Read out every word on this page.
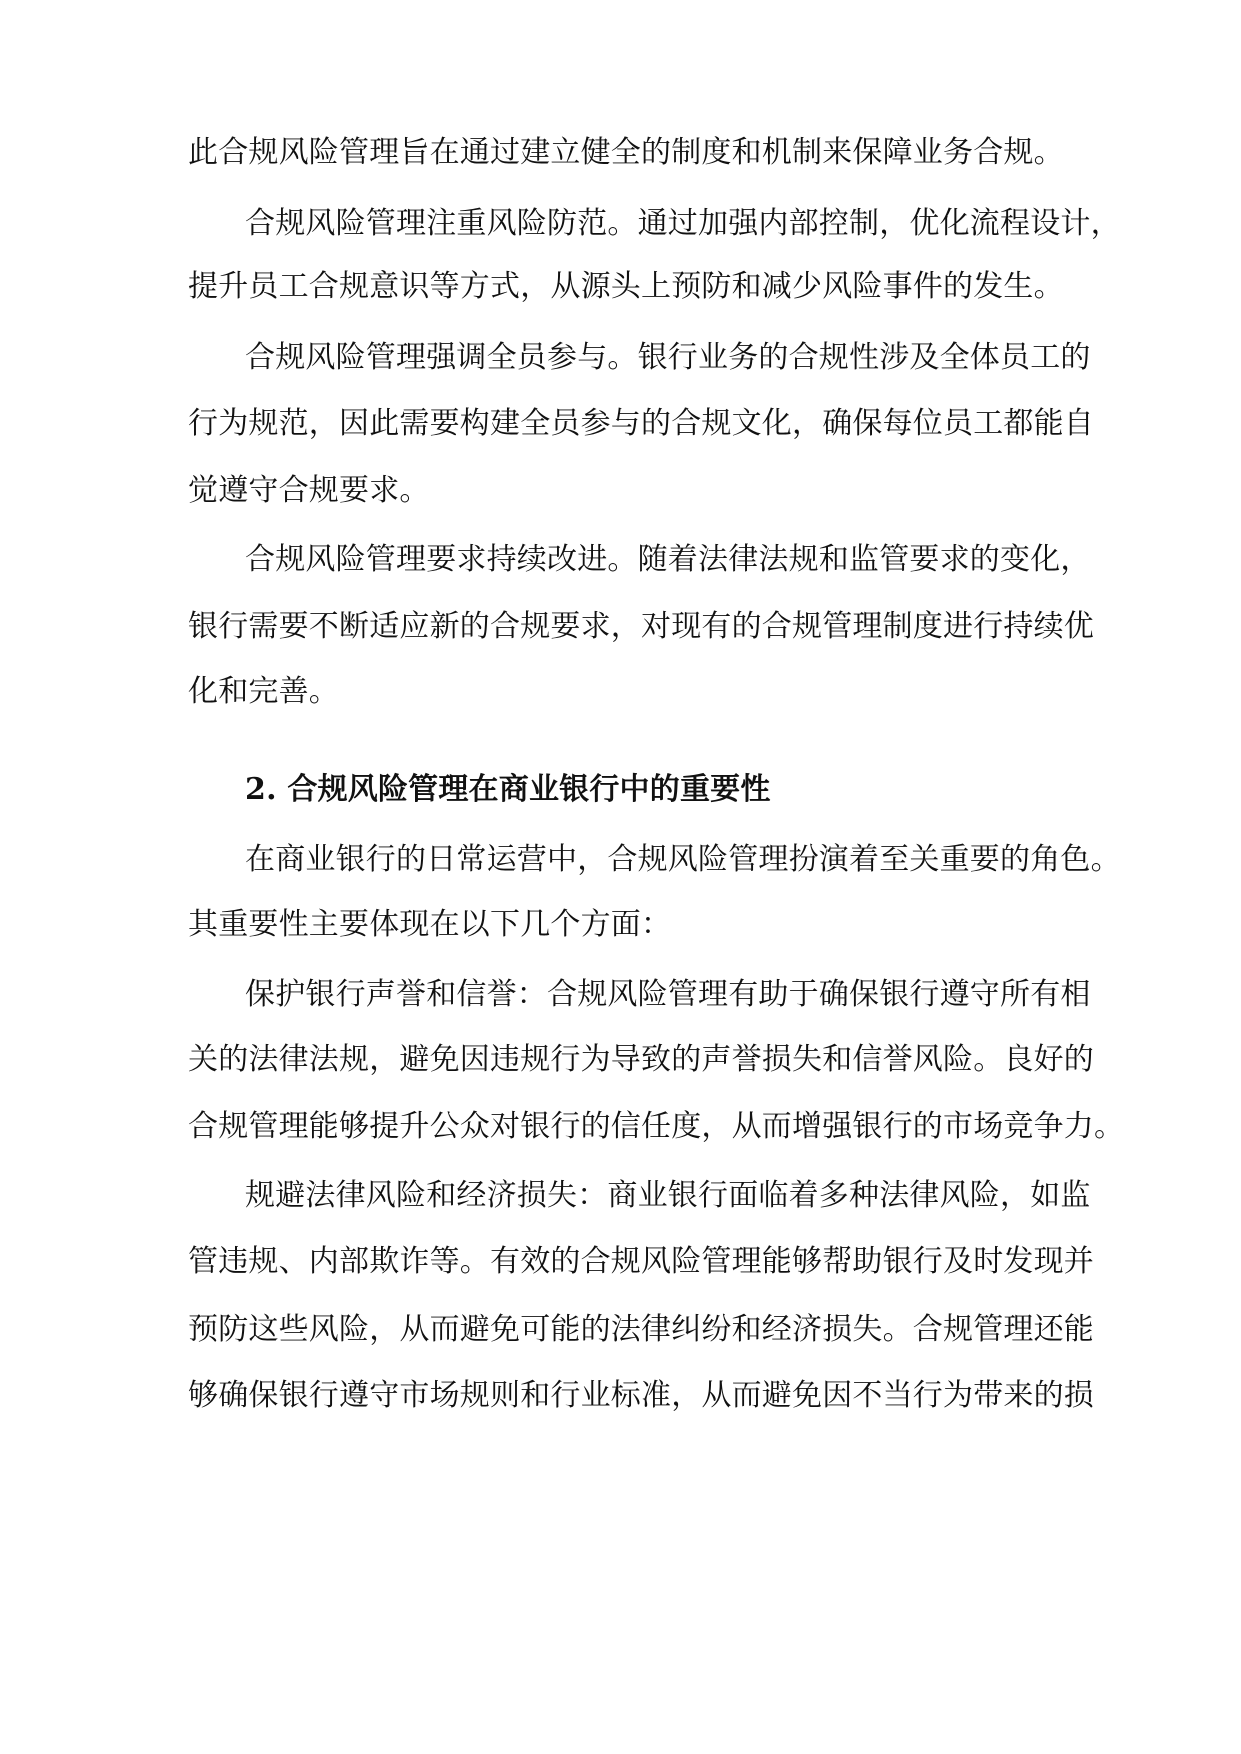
此合规风险管理旨在通过建立健全的制度和机制来保障业务合规。
合规风险管理注重风险防范。通过加强内部控制，优化流程设计，
提升员工合规意识等方式，从源头上预防和减少风险事件的发生。
合规风险管理强调全员参与。银行业务的合规性涉及全体员工的
行为规范，因此需要构建全员参与的合规文化，确保每位员工都能自
觉遵守合规要求。
合规风险管理要求持续改进。随着法律法规和监管要求的变化，
银行需要不断适应新的合规要求，对现有的合规管理制度进行持续优
化和完善。
2. 合规风险管理在商业银行中的重要性
在商业银行的日常运营中，合规风险管理扮演着至关重要的角色。
其重要性主要体现在以下几个方面：
保护银行声誉和信誉：合规风险管理有助于确保银行遵守所有相
关的法律法规，避免因违规行为导致的声誉损失和信誉风险。良好的
合规管理能够提升公众对银行的信任度，从而增强银行的市场竞争力。
规避法律风险和经济损失：商业银行面临着多种法律风险，如监
管违规、内部欺诈等。有效的合规风险管理能够帮助银行及时发现并
预防这些风险，从而避免可能的法律纠纷和经济损失。合规管理还能
够确保银行遵守市场规则和行业标准，从而避免因不当行为带来的损
